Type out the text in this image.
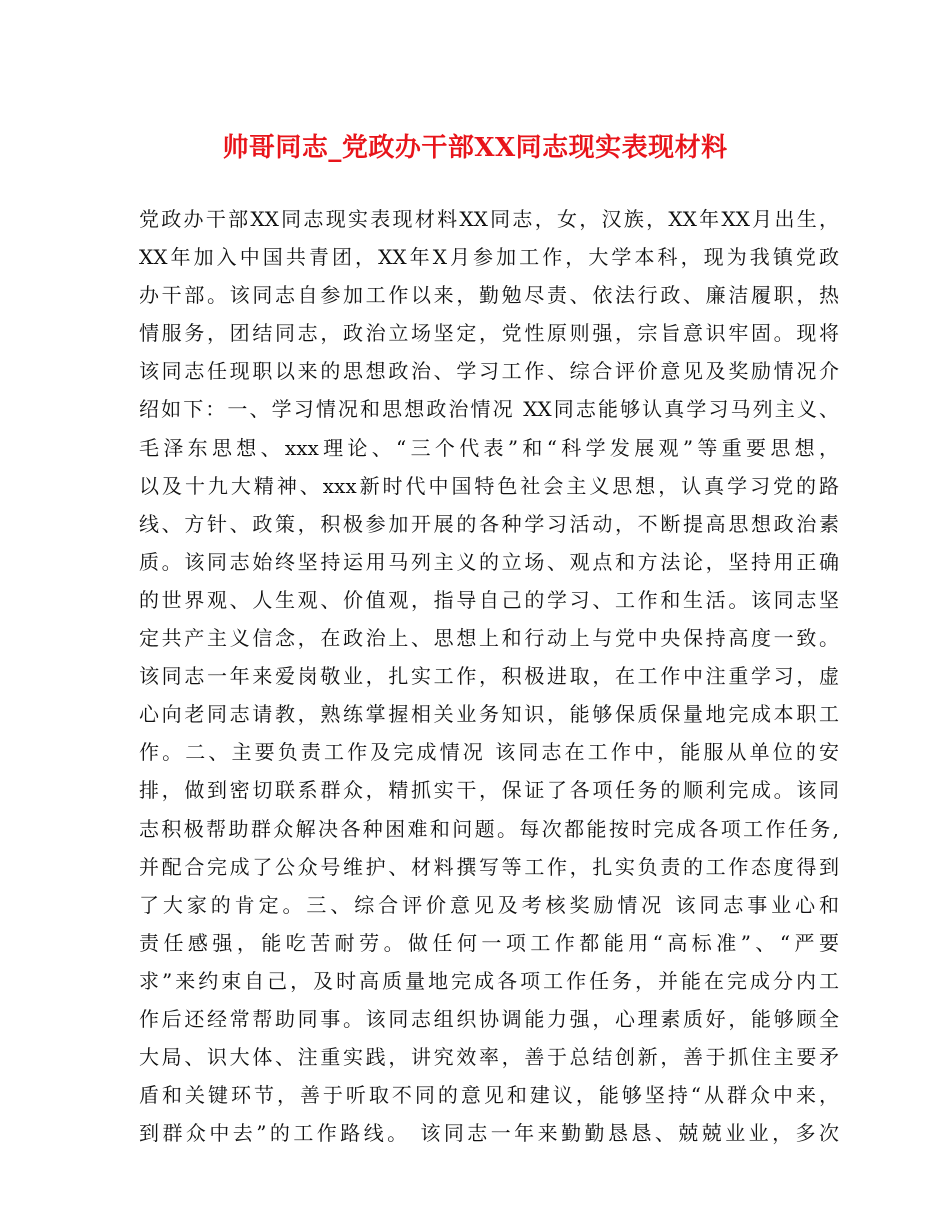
帅哥同志_党政办干部XX同志现实表现材料
党政办干部XX同志现实表现材料XX同志，女，汉族，XX年XX月出生，
XX年加入中国共青团，XX年X月参加工作，大学本科，现为我镇党政
办干部。该同志自参加工作以来，勤勉尽责、依法行政、廉洁履职，热
情服务，团结同志，政治立场坚定，党性原则强，宗旨意识牢固。现将
该同志任现职以来的思想政治、学习工作、综合评价意见及奖励情况介
绍如下：一、学习情况和思想政治情况 XX同志能够认真学习马列主义、
毛泽东思想、xxx理论、“三个代表”和“科学发展观”等重要思想，
以及十九大精神、xxx新时代中国特色社会主义思想，认真学习党的路
线、方针、政策，积极参加开展的各种学习活动，不断提高思想政治素
质。该同志始终坚持运用马列主义的立场、观点和方法论，坚持用正确
的世界观、人生观、价值观，指导自己的学习、工作和生活。该同志坚
定共产主义信念，在政治上、思想上和行动上与党中央保持高度一致。
该同志一年来爱岗敬业，扎实工作，积极进取，在工作中注重学习，虚
心向老同志请教，熟练掌握相关业务知识，能够保质保量地完成本职工
作。二、主要负责工作及完成情况 该同志在工作中，能服从单位的安
排，做到密切联系群众，精抓实干，保证了各项任务的顺利完成。该同
志积极帮助群众解决各种困难和问题。每次都能按时完成各项工作任务,
并配合完成了公众号维护、材料撰写等工作，扎实负责的工作态度得到
了大家的肯定。三、综合评价意见及考核奖励情况 该同志事业心和
责任感强，能吃苦耐劳。做任何一项工作都能用“高标准”、“严要
求”来约束自己，及时高质量地完成各项工作任务，并能在完成分内工
作后还经常帮助同事。该同志组织协调能力强，心理素质好，能够顾全
大局、识大体、注重实践，讲究效率，善于总结创新，善于抓住主要矛
盾和关键环节，善于听取不同的意见和建议，能够坚持“从群众中来，
到群众中去”的工作路线。 该同志一年来勤勤恳恳、兢兢业业，多次
